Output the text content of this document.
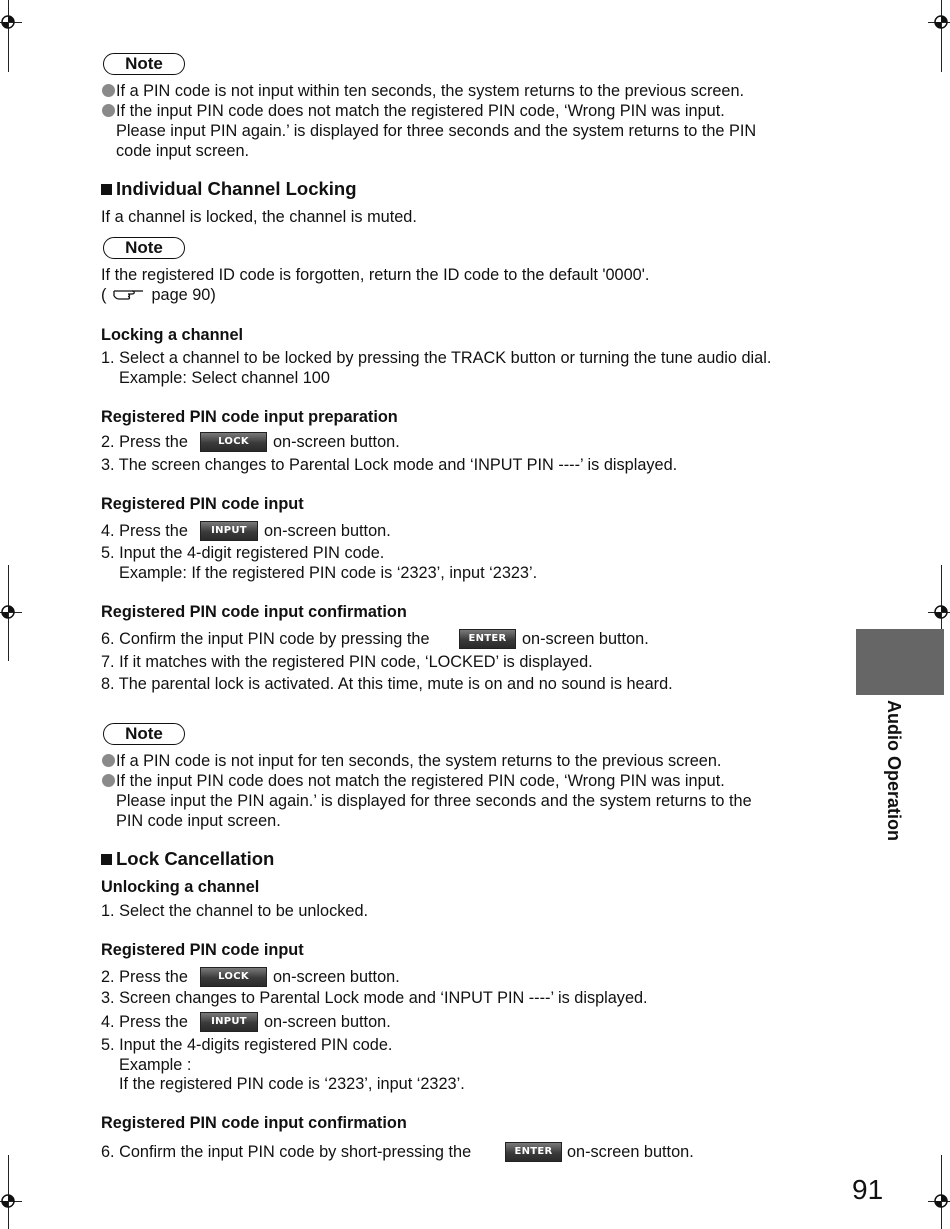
Note
If a PIN code is not input within ten seconds, the system returns to the previous screen.
If the input PIN code does not match the registered PIN code, ‘Wrong PIN was input.
Please input PIN again.’ is displayed for three seconds and the system returns to the PIN
code input screen.
Individual Channel Locking
If a channel is locked, the channel is muted.
Note
If the registered ID code is forgotten, return the ID code to the default '0000'.
(	page 90)
Locking a channel
1. Select a channel to be locked by pressing the TRACK button or turning the tune audio dial.
Example: Select channel 100
Registered PIN code input preparation
2. Press the	LOCK	on-screen button.
3. The screen changes to Parental Lock mode and ‘INPUT PIN ----’ is displayed.
Registered PIN code input
4. Press the	INPUT	on-screen button.
5. Input the 4-digit registered PIN code.
Example: If the registered PIN code is ‘2323’, input ‘2323’.
Registered PIN code input confirmation
6. Confirm the input PIN code by pressing the	ENTER on-screen button.
7. If it matches with the registered PIN code, ‘LOCKED’ is displayed.
8. The parental lock is activated. At this time, mute is on and no sound is heard.
Note
If a PIN code is not input for ten seconds, the system returns to the previous screen.
If the input PIN code does not match the registered PIN code, ‘Wrong PIN was input.
Please input the PIN again.’ is displayed for three seconds and the system returns to the
PIN code input screen.
Lock Cancellation
Unlocking a channel
1. Select the channel to be unlocked.
Registered PIN code input
2. Press the	LOCK	on-screen button.
3. Screen changes to Parental Lock mode and ‘INPUT PIN ----’ is displayed.
4. Press the	INPUT	on-screen button.
5. Input the 4-digits registered PIN code.
Example :
If the registered PIN code is ‘2323’, input ‘2323’.
Registered PIN code input confirmation
6. Confirm the input PIN code by short-pressing the	ENTER on-screen button.
Audio Operation
91
